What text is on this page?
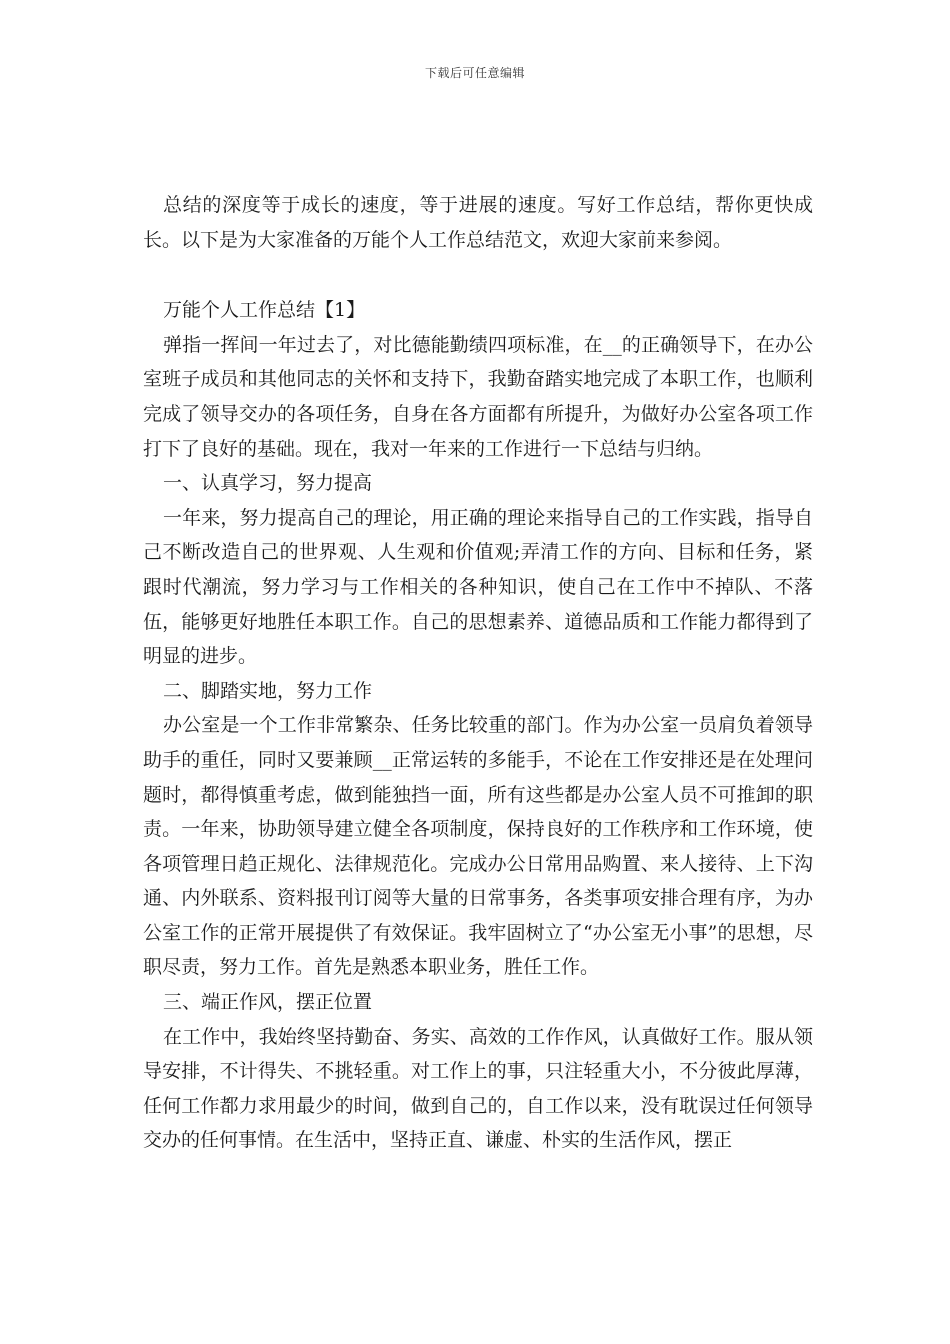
下载后可任意编辑

总结的深度等于成长的速度，等于进展的速度。写好工作总结，帮你更快成长。以下是为大家准备的万能个人工作总结范文，欢迎大家前来参阅。

万能个人工作总结【1】

弹指一挥间一年过去了，对比德能勤绩四项标准，在__的正确领导下，在办公室班子成员和其他同志的关怀和支持下，我勤奋踏实地完成了本职工作，也顺利完成了领导交办的各项任务，自身在各方面都有所提升，为做好办公室各项工作打下了良好的基础。现在，我对一年来的工作进行一下总结与归纳。

一、认真学习，努力提高

一年来，努力提高自己的理论，用正确的理论来指导自己的工作实践，指导自己不断改造自己的世界观、人生观和价值观;弄清工作的方向、目标和任务，紧跟时代潮流，努力学习与工作相关的各种知识，使自己在工作中不掉队、不落伍，能够更好地胜任本职工作。自己的思想素养、道德品质和工作能力都得到了明显的进步。

二、脚踏实地，努力工作

办公室是一个工作非常繁杂、任务比较重的部门。作为办公室一员肩负着领导助手的重任，同时又要兼顾__正常运转的多能手，不论在工作安排还是在处理问题时，都得慎重考虑，做到能独挡一面，所有这些都是办公室人员不可推卸的职责。一年来，协助领导建立健全各项制度，保持良好的工作秩序和工作环境，使各项管理日趋正规化、法律规范化。完成办公日常用品购置、来人接待、上下沟通、内外联系、资料报刊订阅等大量的日常事务，各类事项安排合理有序，为办公室工作的正常开展提供了有效保证。我牢固树立了“办公室无小事”的思想，尽职尽责，努力工作。首先是熟悉本职业务，胜任工作。

三、端正作风，摆正位置

在工作中，我始终坚持勤奋、务实、高效的工作作风，认真做好工作。服从领导安排，不计得失、不挑轻重。对工作上的事，只注轻重大小，不分彼此厚薄，任何工作都力求用最少的时间，做到自己的，自工作以来，没有耽误过任何领导交办的任何事情。在生活中，坚持正直、谦虚、朴实的生活作风，摆正
